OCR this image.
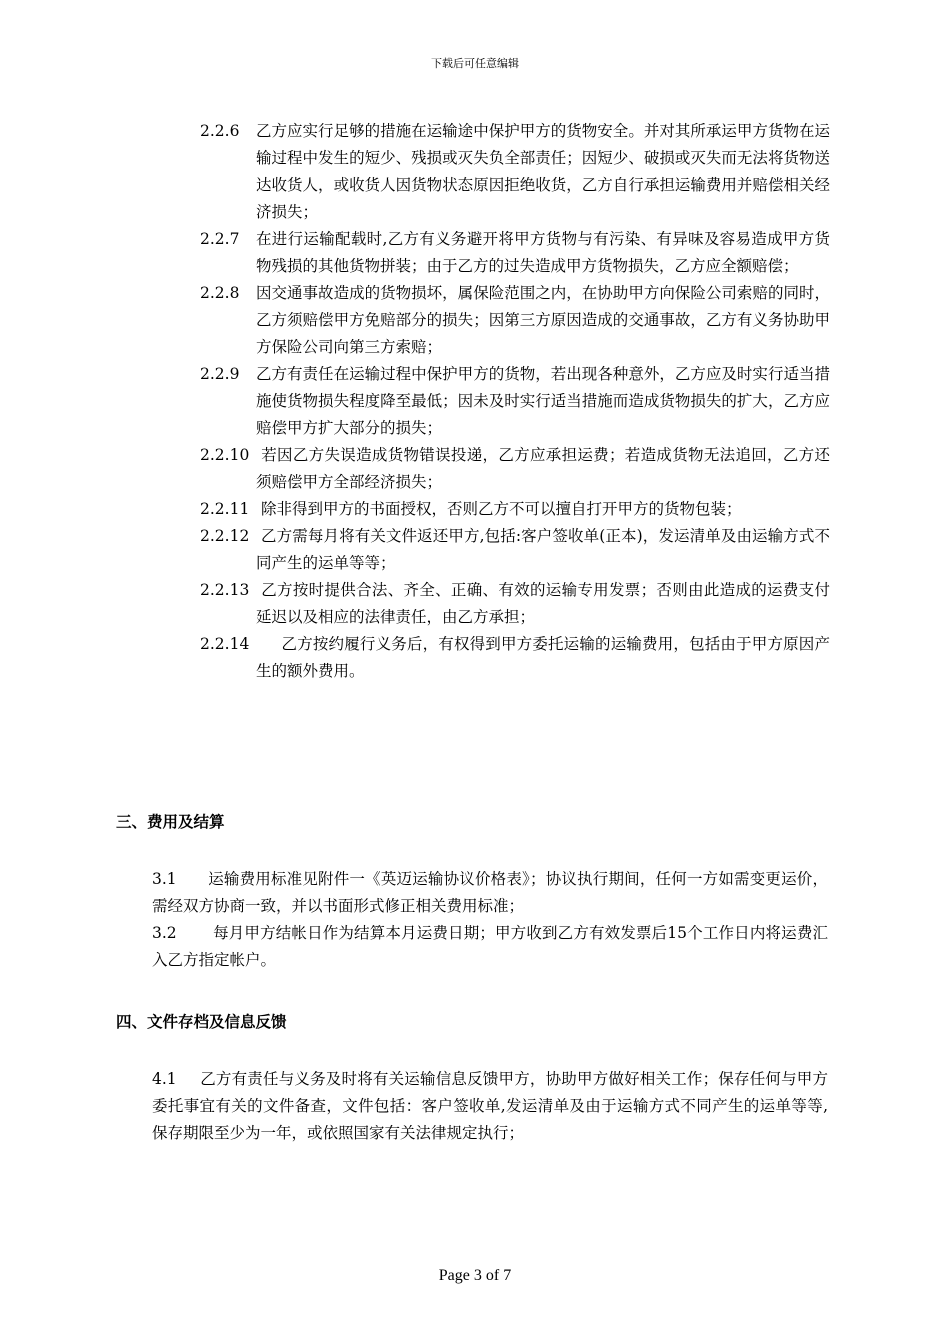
下载后可任意编辑
2.2.6	乙方应实行足够的措施在运输途中保护甲方的货物安全。并对其所承运甲方货物在运输过程中发生的短少、残损或灭失负全部责任；因短少、破损或灭失而无法将货物送达收货人，或收货人因货物状态原因拒绝收货，乙方自行承担运输费用并赔偿相关经济损失；
2.2.7	在进行运输配载时,乙方有义务避开将甲方货物与有污染、有异味及容易造成甲方货物残损的其他货物拼装；由于乙方的过失造成甲方货物损失，乙方应全额赔偿；
2.2.8	因交通事故造成的货物损坏，属保险范围之内，在协助甲方向保险公司索赔的同时，乙方须赔偿甲方免赔部分的损失；因第三方原因造成的交通事故，乙方有义务协助甲方保险公司向第三方索赔；
2.2.9	乙方有责任在运输过程中保护甲方的货物，若出现各种意外，乙方应及时实行适当措施使货物损失程度降至最低；因未及时实行适当措施而造成货物损失的扩大，乙方应赔偿甲方扩大部分的损失；
2.2.10 若因乙方失误造成货物错误投递，乙方应承担运费；若造成货物无法追回，乙方还须赔偿甲方全部经济损失；
2.2.11 除非得到甲方的书面授权，否则乙方不可以擅自打开甲方的货物包装；
2.2.12 乙方需每月将有关文件返还甲方,包括:客户签收单(正本)，发运清单及由运输方式不同产生的运单等等；
2.2.13 乙方按时提供合法、齐全、正确、有效的运输专用发票；否则由此造成的运费支付延迟以及相应的法律责任，由乙方承担；
2.2.14 乙方按约履行义务后，有权得到甲方委托运输的运输费用，包括由于甲方原因产生的额外费用。
三、费用及结算
3.1 运输费用标准见附件一《英迈运输协议价格表》；协议执行期间，任何一方如需变更运价，需经双方协商一致，并以书面形式修正相关费用标准；
3.2 每月甲方结帐日作为结算本月运费日期；甲方收到乙方有效发票后15个工作日内将运费汇入乙方指定帐户。
四、文件存档及信息反馈
4.1 乙方有责任与义务及时将有关运输信息反馈甲方，协助甲方做好相关工作；保存任何与甲方委托事宜有关的文件备查，文件包括：客户签收单,发运清单及由于运输方式不同产生的运单等等,保存期限至少为一年，或依照国家有关法律规定执行；
Page 3 of 7
